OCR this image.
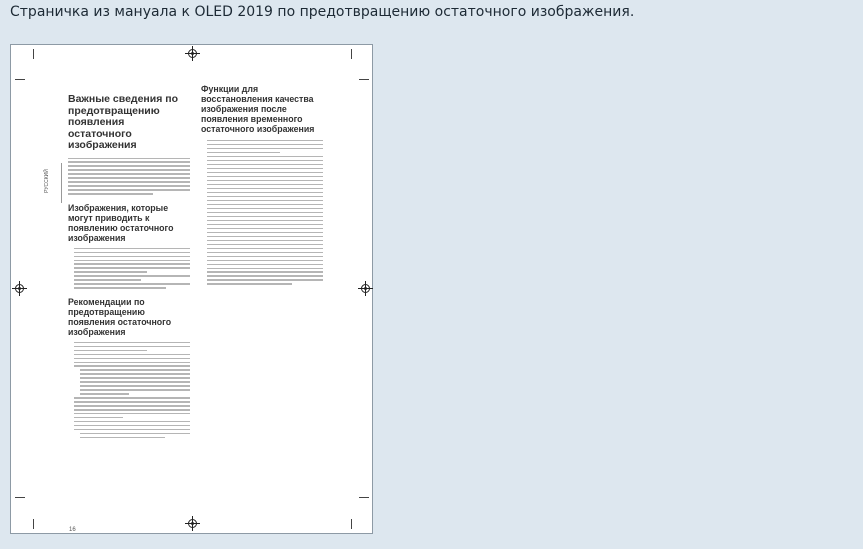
Страничка из мануала к OLED 2019 по предотвращению остаточного изображения.
РУССКИЙ
Важные сведения по предотвращению появления остаточного изображения
Изображения, которые могут приводить к появлению остаточного изображения
Рекомендации по предотвращению появления остаточного изображения
16
Функции для восстановления качества изображения после появления временного остаточного изображения
